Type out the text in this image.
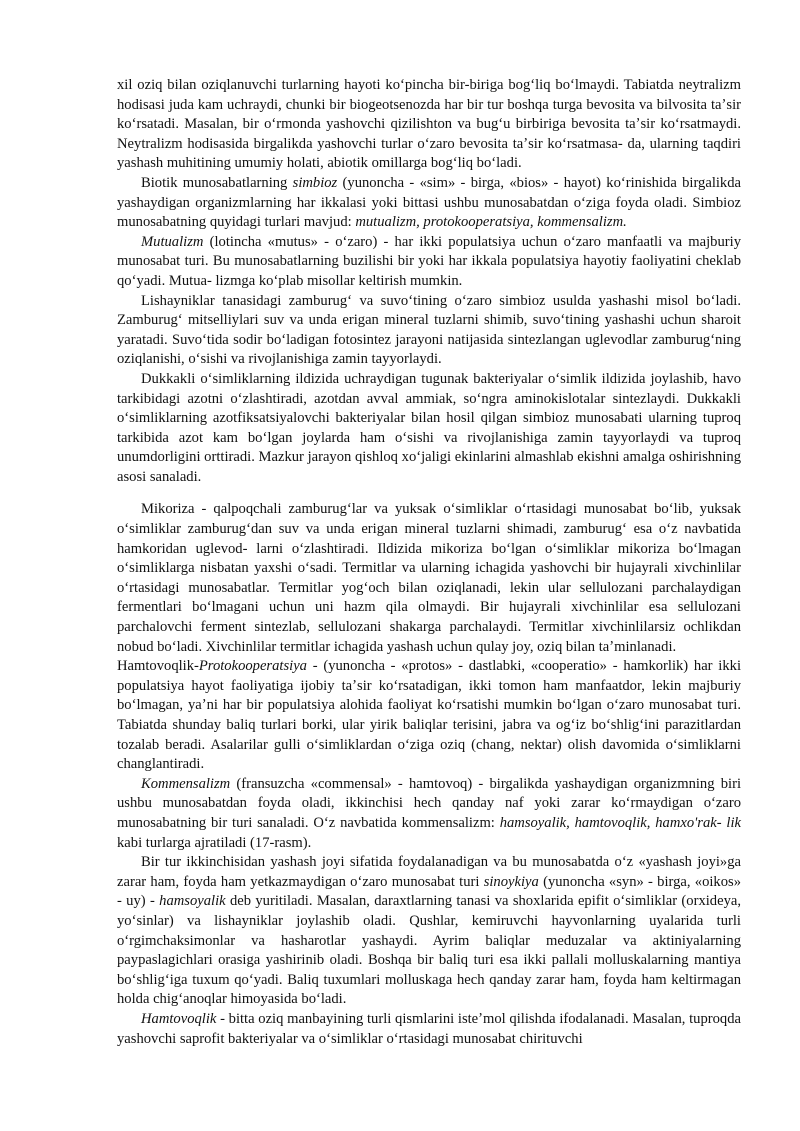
xil oziq bilan oziqlanuvchi turlarning hayoti koʻpincha bir-biriga bogʻliq boʻlmaydi. Tabiatda neytralizm hodisasi juda kam uchraydi, chunki bir biogeotsenozda har bir tur boshqa turga bevosita va bilvosita taʼsir koʻrsatadi. Masalan, bir oʻrmonda yashovchi qizilishton va bugʻu birbiriga bevosita taʼsir koʻrsatmaydi. Neytralizm hodisasida birgalikda yashovchi turlar oʻzaro bevosita taʼsir koʻrsatmasa- da, ularning taqdiri yashash muhitining umumiy holati, abiotik omillarga bogʻliq boʻladi.

Biotik munosabatlarning simbioz (yunoncha - «sim» - birga, «bios» - hayot) koʻrinishida birgalikda yashaydigan organizmlarning har ikkalasi yoki bittasi ushbu munosabatdan oʻziga foyda oladi. Simbioz munosabatning quyidagi turlari mavjud: mutualizm, protokooperatsiya, kommensalizm.

Mutualizm (lotincha «mutus» - oʻzaro) - har ikki populatsiya uchun oʻzaro manfaatli va majburiy munosabat turi. Bu munosabatlarning buzilishi bir yoki har ikkala populatsiya hayotiy faoliyatini cheklab qoʻyadi. Mutua- lizmga koʻplab misollar keltirish mumkin.

Lishayniklar tanasidagi zamburugʻ va suvoʻtining oʻzaro simbioz usulda yashashi misol boʻladi. Zamburugʻ mitselliylari suv va unda erigan mineral tuzlarni shimib, suvoʻtining yashashi uchun sharoit yaratadi. Suvoʻtida sodir boʻladigan fotosintez jarayoni natijasida sintezlangan uglevodlar zamburugʻning oziqlanishi, oʻsishi va rivojlanishiga zamin tayyorlaydi.

Dukkakli oʻsimliklarning ildizida uchraydigan tugunak bakteriyalar oʻsimlik ildizida joylashib, havo tarkibidagi azotni oʻzlashtiradi, azotdan avval ammiak, soʻngra aminokislotalar sintezlaydi. Dukkakli oʻsimliklarning azotfiksatsiyalovchi bakteriyalar bilan hosil qilgan simbioz munosabati ularning tuproq tarkibida azot kam boʻlgan joylarda ham oʻsishi va rivojlanishiga zamin tayyorlaydi va tuproq unumdorligini orttiradi. Mazkur jarayon qishloq xoʻjaligi ekinlarini almashlab ekishni amalga oshirishning asosi sanaladi.

Mikoriza - qalpoqchali zamburugʻlar va yuksak oʻsimliklar oʻrtasidagi munosabat boʻlib, yuksak oʻsimliklar zamburugʻdan suv va unda erigan mineral tuzlarni shimadi, zamburugʻ esa oʻz navbatida hamkoridan uglevod- larni oʻzlashtiradi. Ildizida mikoriza boʻlgan oʻsimliklar mikoriza boʻlmagan oʻsimliklarga nisbatan yaxshi oʻsadi. Termitlar va ularning ichagida yashovchi bir hujayrali xivchinlilar oʻrtasidagi munosabatlar. Termitlar yogʻoch bilan oziqlanadi, lekin ular sellulozani parchalaydigan fermentlari boʻlmagani uchun uni hazm qila olmaydi. Bir hujayrali xivchinlilar esa sellulozani parchalovchi ferment sintezlab, sellulozani shakarga parchalaydi. Termitlar xivchinlilarsiz ochlikdan nobud boʻladi. Xivchinlilar termitlar ichagida yashash uchun qulay joy, oziq bilan taʼminlanadi.

Hamtovoqlik-Protokooperatsiya - (yunoncha - «protos» - dastlabki, «cooperatio» - hamkorlik) har ikki populatsiya hayot faoliyatiga ijobiy taʼsir koʻrsatadigan, ikki tomon ham manfaatdor, lekin majburiy boʻlmagan, yaʼni har bir populatsiya alohida faoliyat koʻrsatishi mumkin boʻlgan oʻzaro munosabat turi. Tabiatda shunday baliq turlari borki, ular yirik baliqlar terisini, jabra va ogʻiz boʻshligʻini parazitlardan tozalab beradi. Asalarilar gulli oʻsimliklardan oʻziga oziq (chang, nektar) olish davomida oʻsimliklarni changlantiradi.

Kommensalizm (fransuzcha «commensal» - hamtovoq) - birgalikda yashaydigan organizmning biri ushbu munosabatdan foyda oladi, ikkinchisi hech qanday naf yoki zarar koʻrmaydigan oʻzaro munosabatning bir turi sanaladi. Oʻz navbatida kommensalizm: hamsoyalik, hamtovoqlik, hamxo'rak- lik kabi turlarga ajratiladi (17-rasm).

Bir tur ikkinchisidan yashash joyi sifatida foydalanadigan va bu munosabatda oʻz «yashash joyi»ga zarar ham, foyda ham yetkazmaydigan oʻzaro munosabat turi sinoykiya (yunoncha «syn» - birga, «oikos» - uy) - hamsoyalik deb yuritiladi. Masalan, daraxtlarning tanasi va shoxlarida epifit oʻsimliklar (orxideya, yoʻsinlar) va lishayniklar joylashib oladi. Qushlar, kemiruvchi hayvonlarning uyalarida turli oʻrgimchaksimonlar va hasharotlar yashaydi. Ayrim baliqlar meduzalar va aktiniyalarning paypaslagichlari orasiga yashirinib oladi. Boshqa bir baliq turi esa ikki pallali molluskalarning mantiya boʻshligʻiga tuxum qoʻyadi. Baliq tuxumlari molluskaga hech qanday zarar ham, foyda ham keltirmagan holda chigʻanoqlar himoyasida boʻladi.

Hamtovoqlik - bitta oziq manbayining turli qismlarini isteʼmol qilishda ifodalanadi. Masalan, tuproqda yashovchi saprofit bakteriyalar va oʻsimliklar oʻrtasidagi munosabat chirituvchi
